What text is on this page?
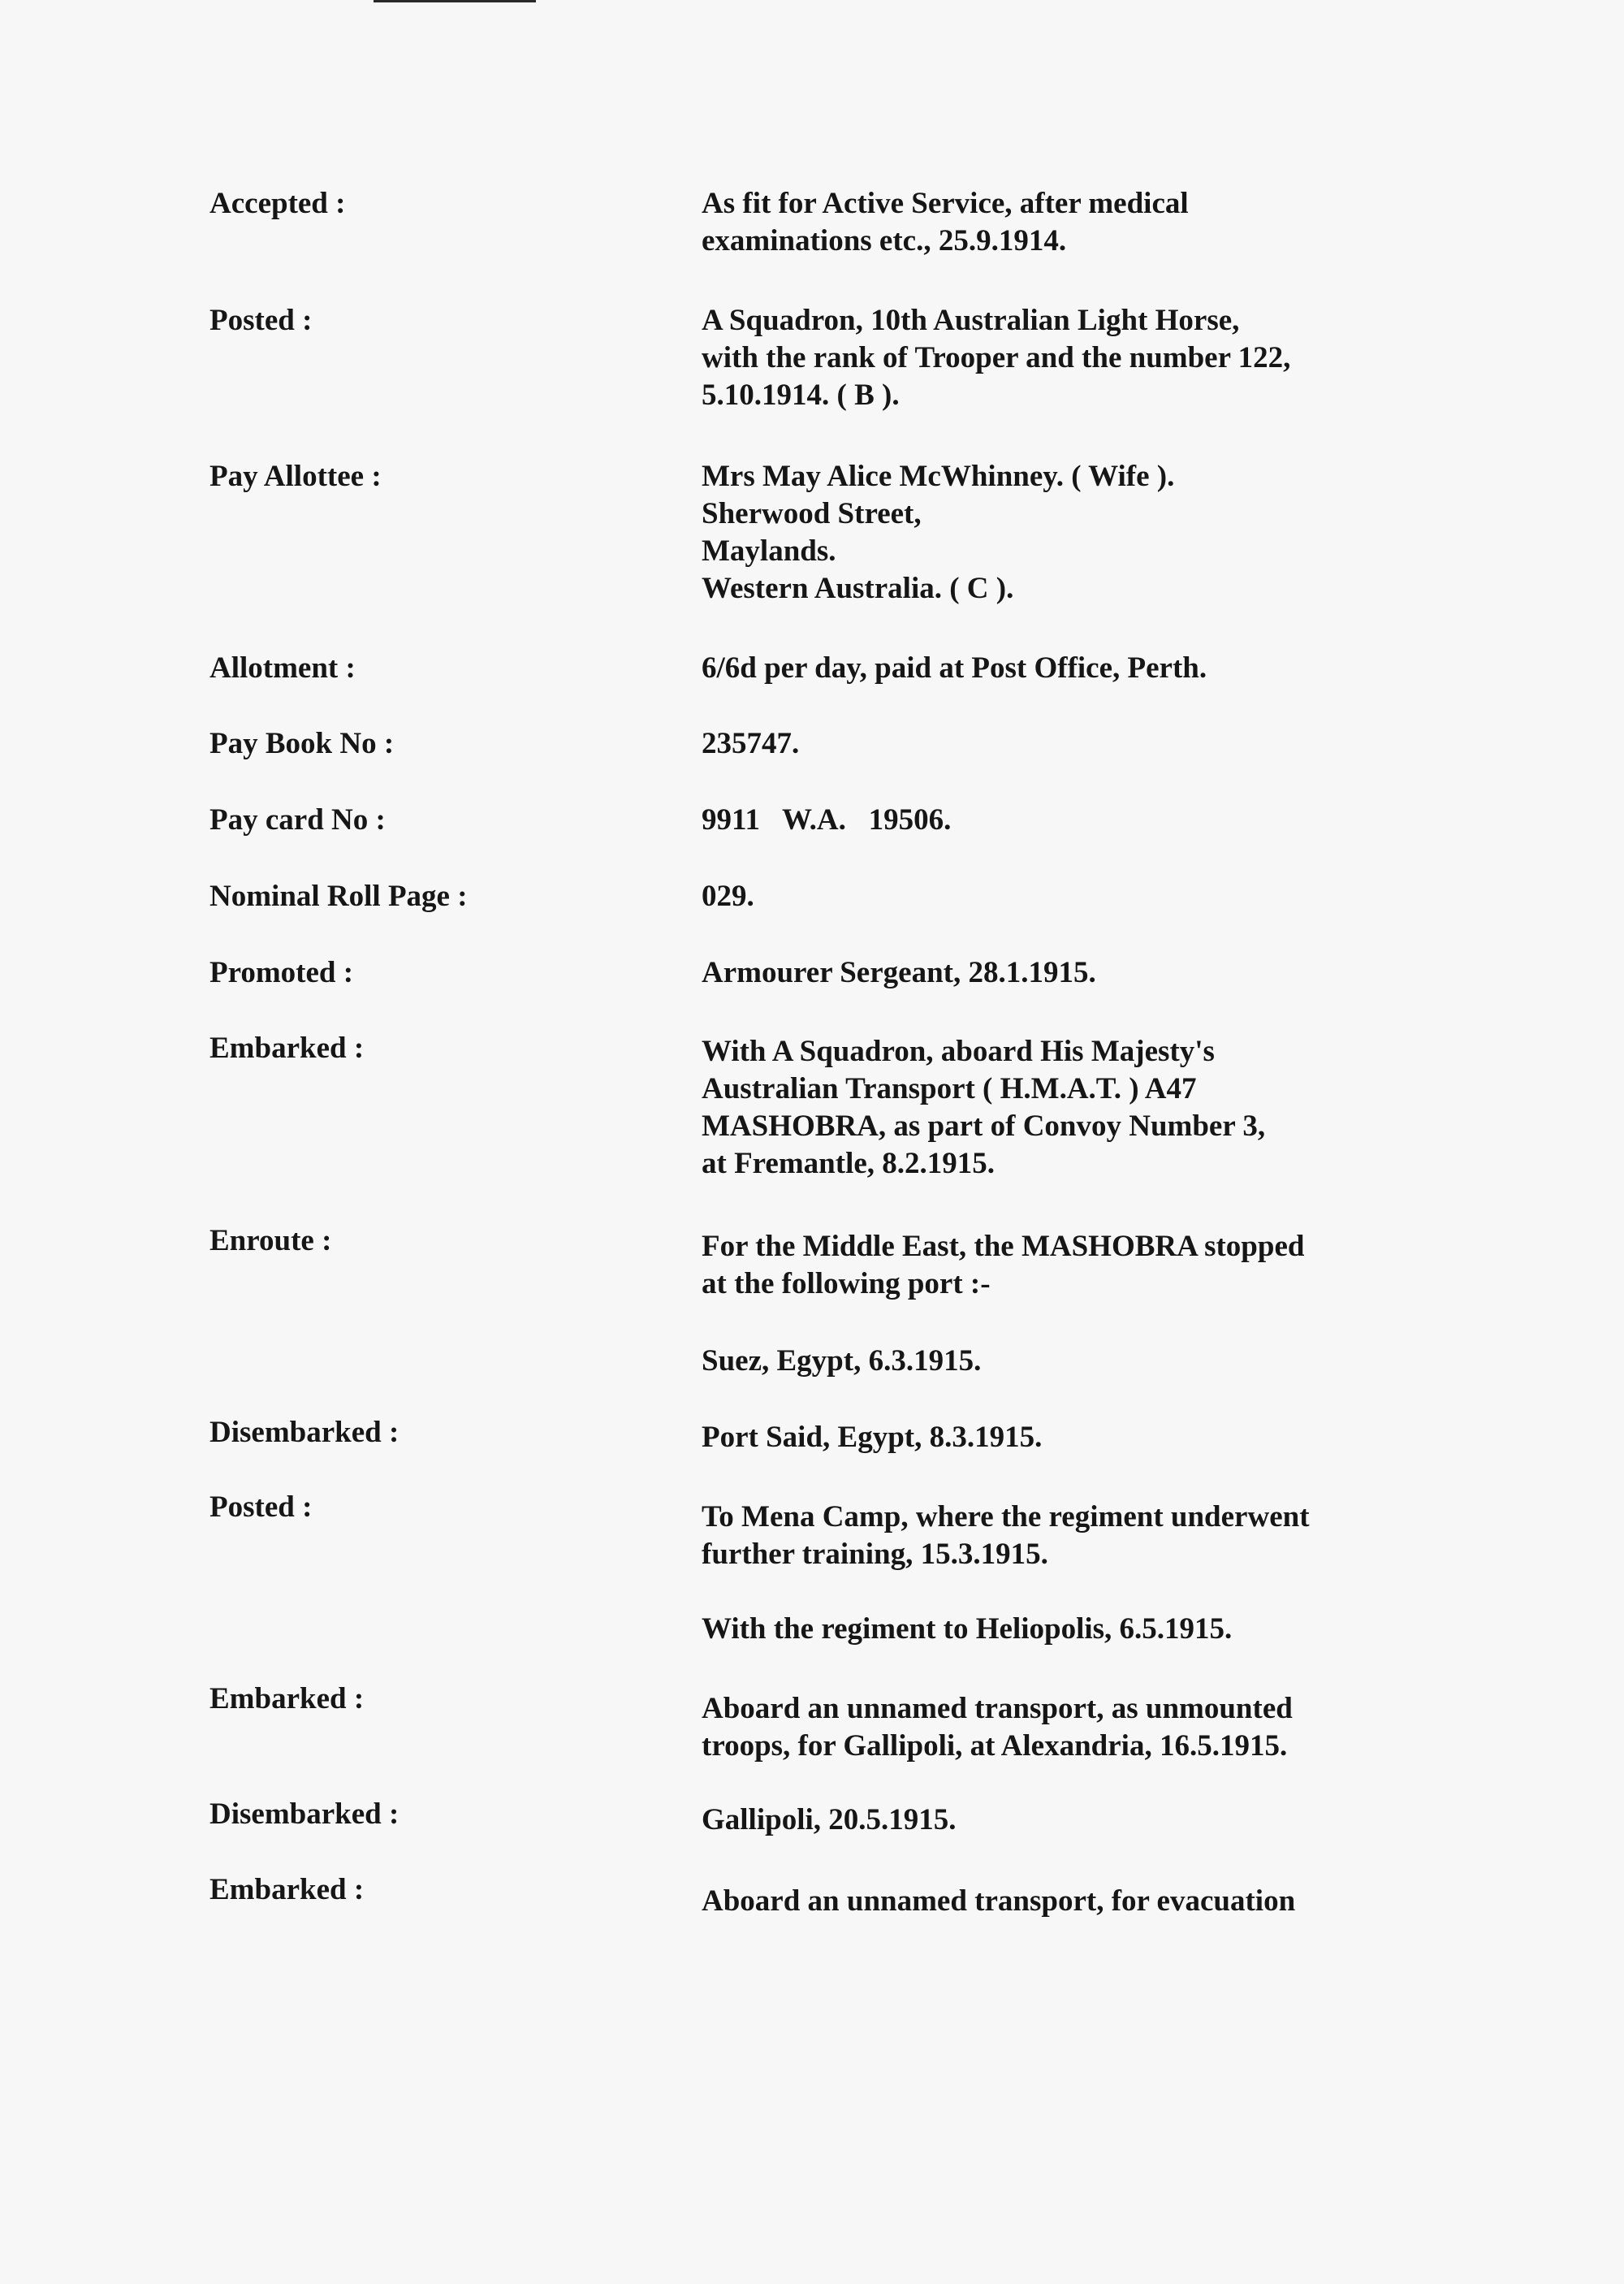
Accepted :	As fit for Active Service, after medical
examinations etc., 25.9.1914.
Posted :	A Squadron, 10th Australian Light Horse,
with the rank of Trooper and the number 122,
5.10.1914. ( B ).
Pay Allottee :	Mrs May Alice McWhinney. ( Wife ).
Sherwood Street,
Maylands.
Western Australia. ( C ).
Allotment :	6/6d per day, paid at Post Office, Perth.
Pay Book No :	235747.
Pay card No :	9911   W.A.   19506.
Nominal Roll Page :	029.
Promoted :	Armourer Sergeant, 28.1.1915.
Embarked :	With A Squadron, aboard His Majesty's
Australian Transport ( H.M.A.T. ) A47
MASHOBRA, as part of Convoy Number 3,
at Fremantle, 8.2.1915.
Enroute :	For the Middle East, the MASHOBRA stopped
at the following port :-
Suez, Egypt, 6.3.1915.
Disembarked :	Port Said, Egypt, 8.3.1915.
Posted :	To Mena Camp, where the regiment underwent
further training, 15.3.1915.
With the regiment to Heliopolis, 6.5.1915.
Embarked :	Aboard an unnamed transport, as unmounted
troops, for Gallipoli, at Alexandria, 16.5.1915.
Disembarked :	Gallipoli, 20.5.1915.
Embarked :	Aboard an unnamed transport, for evacuation
